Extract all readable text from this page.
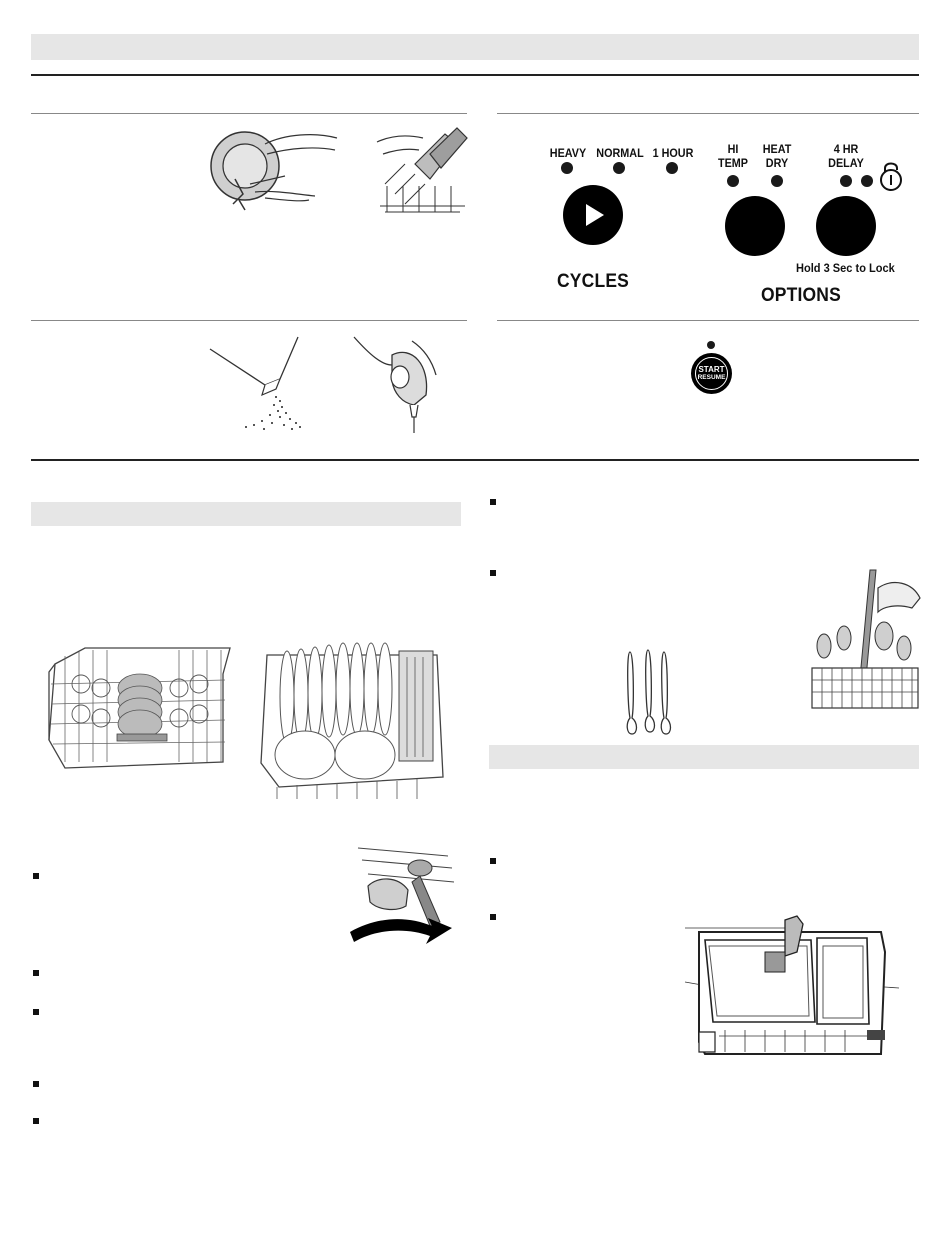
HEAVY NORMAL 1 HOUR
CYCLES
HI
TEMP
HEAT
DRY
4 HR
DELAY
Hold 3 Sec to Lock
OPTIONS
START
RESUME
